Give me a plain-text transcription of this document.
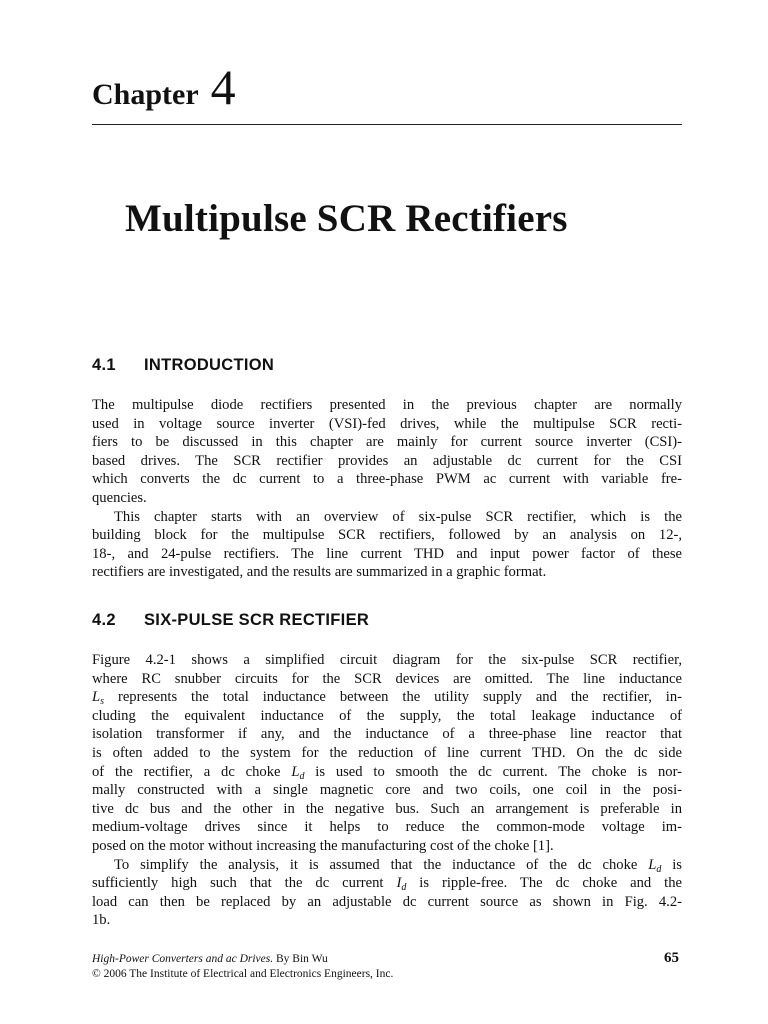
Chapter 4
Multipulse SCR Rectifiers
4.1 INTRODUCTION
The multipulse diode rectifiers presented in the previous chapter are normally
used in voltage source inverter (VSI)-fed drives, while the multipulse SCR recti-
fiers to be discussed in this chapter are mainly for current source inverter (CSI)-
based drives. The SCR rectifier provides an adjustable dc current for the CSI
which converts the dc current to a three-phase PWM ac current with variable fre-
quencies.
This chapter starts with an overview of six-pulse SCR rectifier, which is the
building block for the multipulse SCR rectifiers, followed by an analysis on 12-,
18-, and 24-pulse rectifiers. The line current THD and input power factor of these
rectifiers are investigated, and the results are summarized in a graphic format.
4.2 SIX-PULSE SCR RECTIFIER
Figure 4.2-1 shows a simplified circuit diagram for the six-pulse SCR rectifier,
where RC snubber circuits for the SCR devices are omitted. The line inductance
$L_s$ represents the total inductance between the utility supply and the rectifier, in-
cluding the equivalent inductance of the supply, the total leakage inductance of
isolation transformer if any, and the inductance of a three-phase line reactor that
is often added to the system for the reduction of line current THD. On the dc side
of the rectifier, a dc choke $L_d$ is used to smooth the dc current. The choke is nor-
mally constructed with a single magnetic core and two coils, one coil in the posi-
tive dc bus and the other in the negative bus. Such an arrangement is preferable in
medium-voltage drives since it helps to reduce the common-mode voltage im-
posed on the motor without increasing the manufacturing cost of the choke [1].
To simplify the analysis, it is assumed that the inductance of the dc choke $L_d$ is
sufficiently high such that the dc current $I_d$ is ripple-free. The dc choke and the
load can then be replaced by an adjustable dc current source as shown in Fig. 4.2-
1b.
High-Power Converters and ac Drives. By Bin Wu
© 2006 The Institute of Electrical and Electronics Engineers, Inc.
65
